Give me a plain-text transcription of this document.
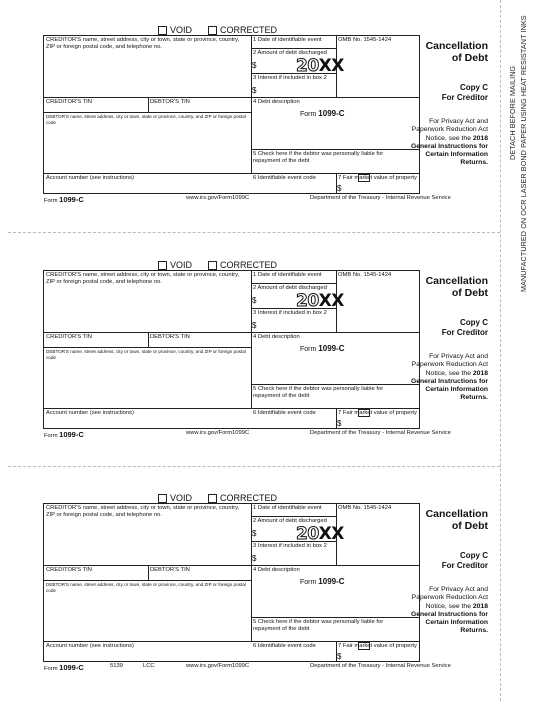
DETACH BEFORE MAILING MANUFACTURED ON OCR LASER BOND PAPER USING HEAT RESISTANT INKS
VOID	CORRECTED
CREDITOR'S name, street address, city or town, state or province, country, ZIP or foreign postal code, and telephone no.
1 Date of identifiable event	OMB No. 1545-1424
2 Amount of debt discharged
$
3 Interest if included in box 2
$
CREDITOR'S TIN	DEBTOR'S TIN	4 Debt description
DEBTOR'S name, street address, city or town, state or province, country, and ZIP or foreign postal code
5 Check here if the debtor was personally liable for repayment of the debt
Account number (see instructions)	6 Identifiable event code	7 Fair market value of property
$
20XX
Form 1099-C
Cancellation
of Debt
Copy C
For Creditor
For Privacy Act and Paperwork Reduction Act Notice, see the 2018 General Instructions for Certain Information Returns.
Form 1099-C	www.irs.gov/Form1099C	Department of the Treasury - Internal Revenue Service
VOID	CORRECTED
CREDITOR'S name, street address, city or town, state or province, country, ZIP or foreign postal code, and telephone no.
1 Date of identifiable event	OMB No. 1545-1424
2 Amount of debt discharged
$
3 Interest if included in box 2
$
CREDITOR'S TIN	DEBTOR'S TIN	4 Debt description
DEBTOR'S name, street address, city or town, state or province, country, and ZIP or foreign postal code
5 Check here if the debtor was personally liable for repayment of the debt
Account number (see instructions)	6 Identifiable event code	7 Fair market value of property
$
20XX
Form 1099-C
Cancellation
of Debt
Copy C
For Creditor
For Privacy Act and Paperwork Reduction Act Notice, see the 2018 General Instructions for Certain Information Returns.
Form 1099-C	www.irs.gov/Form1099C	Department of the Treasury - Internal Revenue Service
VOID	CORRECTED
CREDITOR'S name, street address, city or town, state or province, country, ZIP or foreign postal code, and telephone no.
1 Date of identifiable event	OMB No. 1545-1424
2 Amount of debt discharged
$
3 Interest if included in box 2
$
CREDITOR'S TIN	DEBTOR'S TIN	4 Debt description
DEBTOR'S name, street address, city or town, state or province, country, and ZIP or foreign postal code
5 Check here if the debtor was personally liable for repayment of the debt
Account number (see instructions)	6 Identifiable event code	7 Fair market value of property
$
20XX
Form 1099-C
Cancellation
of Debt
Copy C
For Creditor
For Privacy Act and Paperwork Reduction Act Notice, see the 2018 General Instructions for Certain Information Returns.
Form 1099-C	5139	LCC	www.irs.gov/Form1099C	Department of the Treasury - Internal Revenue Service
